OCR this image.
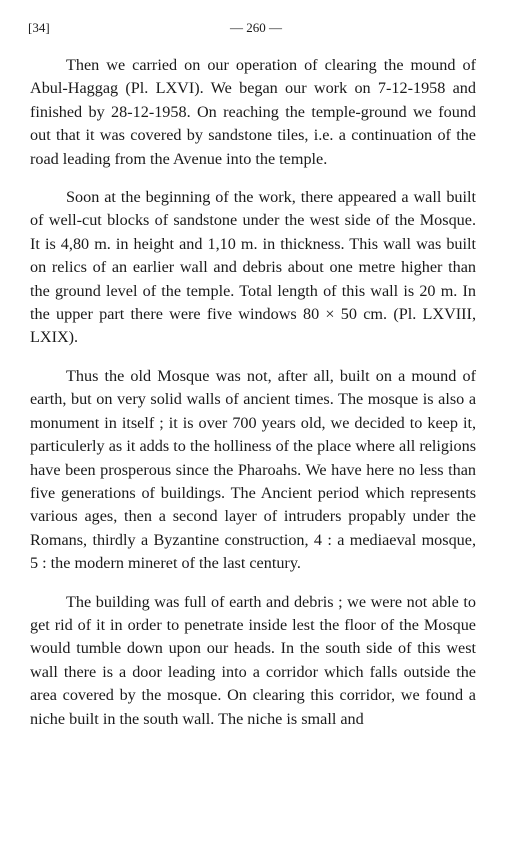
[34]	— 260 —

Then we carried on our operation of clearing the mound of Abul-Haggag (Pl. LXVI). We began our work on 7-12-1958 and finished by 28-12-1958. On reaching the temple-ground we found out that it was covered by sandstone tiles, i.e. a continuation of the road leading from the Avenue into the temple.

Soon at the beginning of the work, there appeared a wall built of well-cut blocks of sandstone under the west side of the Mosque. It is 4,80 m. in height and 1,10 m. in thickness. This wall was built on relics of an earlier wall and debris about one metre higher than the ground level of the temple. Total length of this wall is 20 m. In the upper part there were five windows 80 × 50 cm. (Pl. LXVIII, LXIX).

Thus the old Mosque was not, after all, built on a mound of earth, but on very solid walls of ancient times. The mosque is also a monument in itself ; it is over 700 years old, we decided to keep it, particulerly as it adds to the holliness of the place where all religions have been prosperous since the Pharoahs. We have here no less than five generations of buildings. The Ancient period which represents various ages, then a second layer of intruders propably under the Romans, thirdly a Byzantine construction, 4 : a mediaeval mosque, 5 : the modern mineret of the last century.

The building was full of earth and debris ; we were not able to get rid of it in order to penetrate inside lest the floor of the Mosque would tumble down upon our heads. In the south side of this west wall there is a door leading into a corridor which falls outside the area covered by the mosque. On clearing this corridor, we found a niche built in the south wall. The niche is small and
